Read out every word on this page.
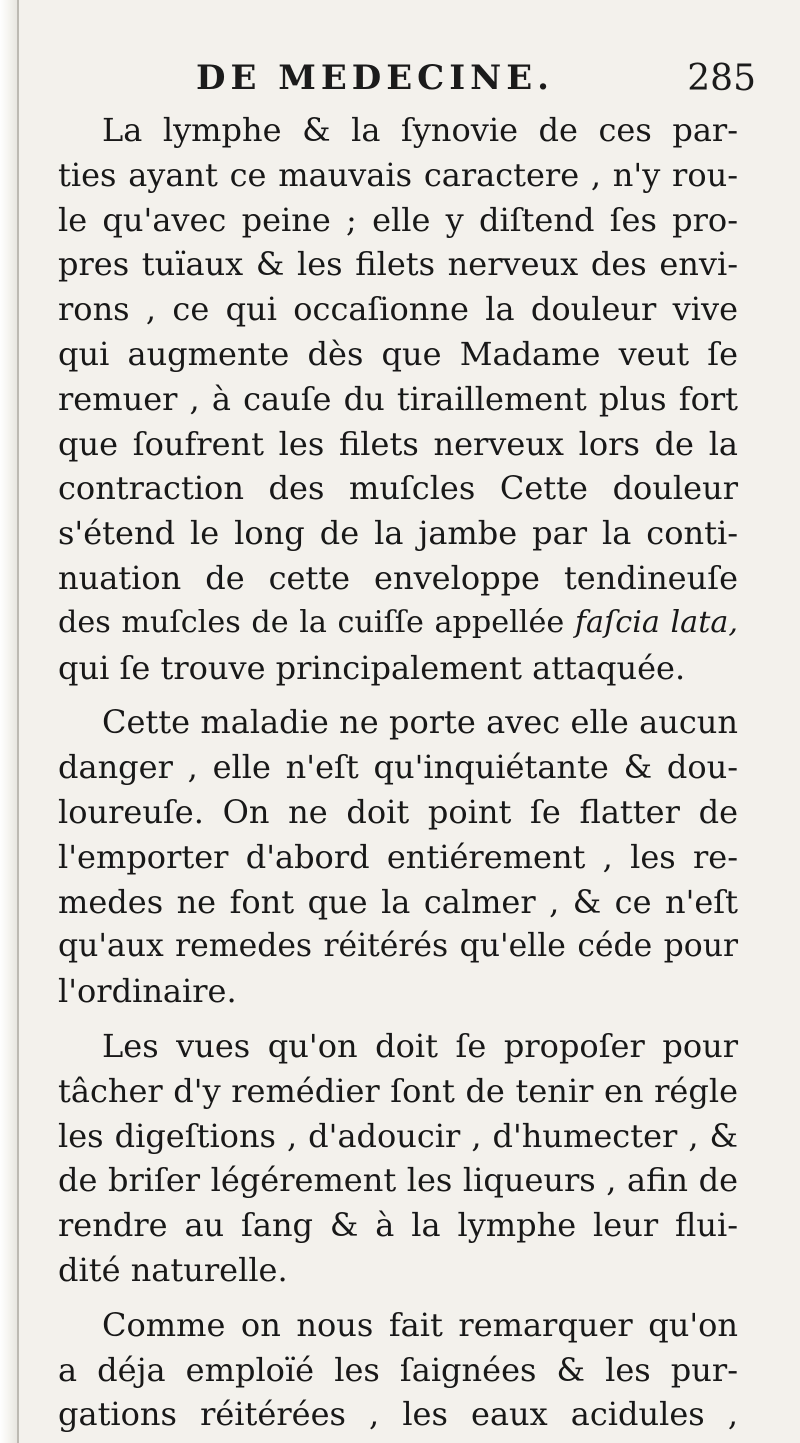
DE MEDECINE.	285
La lymphe & la ſynovie de ces par-
ties ayant ce mauvais caractere , n'y rou-
le qu'avec peine ; elle y diſtend ſes pro-
pres tuïaux & les filets nerveux des envi-
rons , ce qui occaſionne la douleur vive
qui augmente dès que Madame veut ſe
remuer , à cauſe du tiraillement plus fort
que ſoufrent les filets nerveux lors de la
contraction des muſcles Cette douleur
s'étend le long de la jambe par la conti-
nuation de cette enveloppe tendineuſe
des muſcles de la cuiſſe appellée faſcia lata,
qui ſe trouve principalement attaquée.
Cette maladie ne porte avec elle aucun
danger , elle n'eſt qu'inquiétante & dou-
loureuſe. On ne doit point ſe flatter de
l'emporter d'abord entiérement , les re-
medes ne font que la calmer , & ce n'eſt
qu'aux remedes réitérés qu'elle céde pour
l'ordinaire.
Les vues qu'on doit ſe propoſer pour
tâcher d'y remédier ſont de tenir en régle
les digeſtions , d'adoucir , d'humecter , &
de briſer légérement les liqueurs , afin de
rendre au ſang & à la lymphe leur flui-
dité naturelle.
Comme on nous fait remarquer qu'on
a déja emploïé les ſaignées & les pur-
gations réitérées , les eaux acidules ,
